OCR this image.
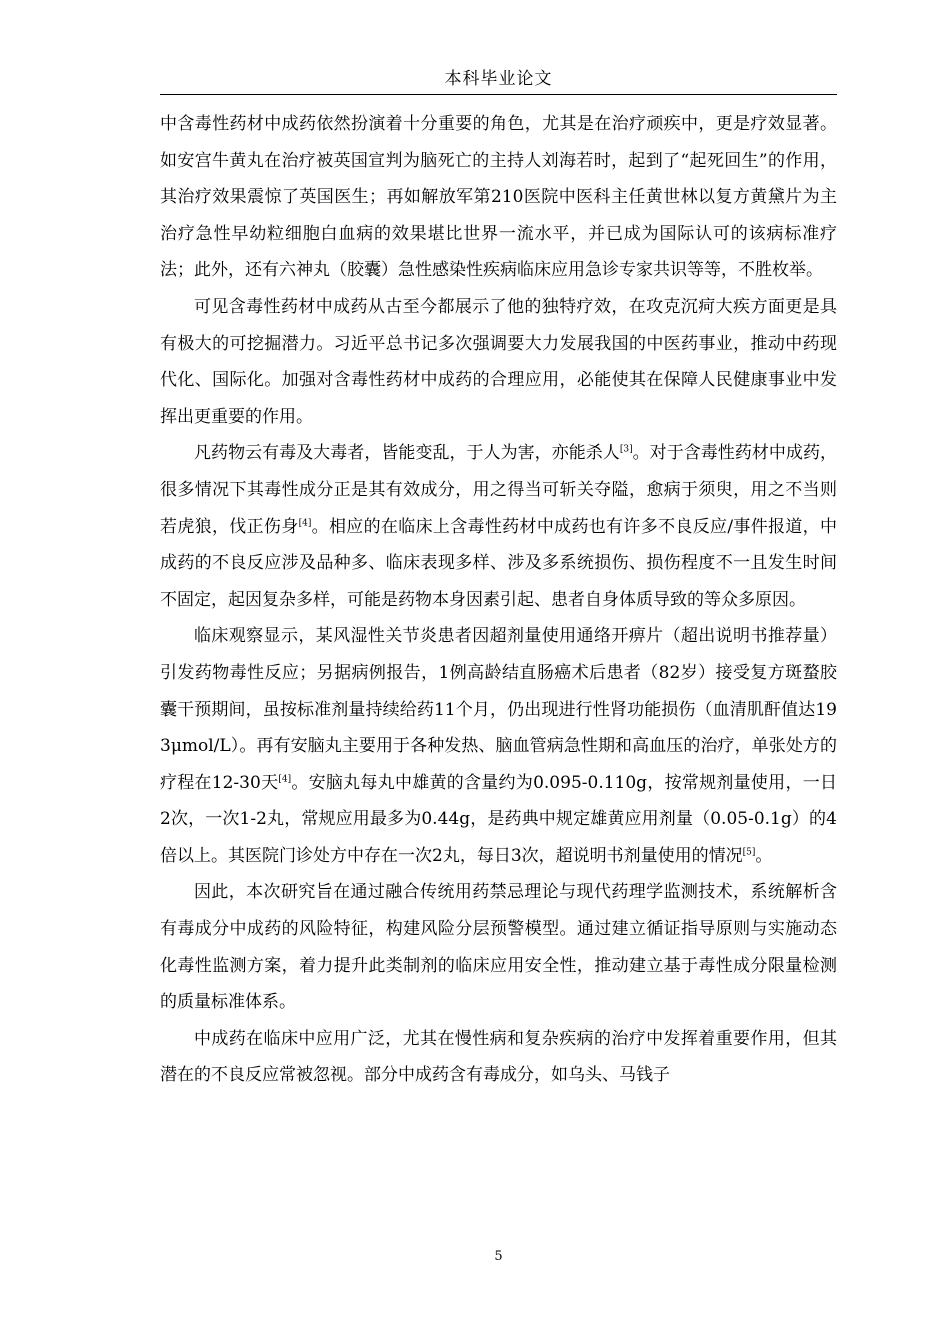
本科毕业论文

中含毒性药材中成药依然扮演着十分重要的角色，尤其是在治疗顽疾中，更是疗效显著。如安宫牛黄丸在治疗被英国宣判为脑死亡的主持人刘海若时，起到了“起死回生”的作用，其治疗效果震惊了英国医生；再如解放军第210医院中医科主任黄世林以复方黄黛片为主治疗急性早幼粒细胞白血病的效果堪比世界一流水平，并已成为国际认可的该病标准疗法；此外，还有六神丸（胶囊）急性感染性疾病临床应用急诊专家共识等等，不胜枚举。

可见含毒性药材中成药从古至今都展示了他的独特疗效，在攻克沉疴大疾方面更是具有极大的可挖掘潜力。习近平总书记多次强调要大力发展我国的中医药事业，推动中药现代化、国际化。加强对含毒性药材中成药的合理应用，必能使其在保障人民健康事业中发挥出更重要的作用。

凡药物云有毒及大毒者，皆能变乱，于人为害，亦能杀人[3]。对于含毒性药材中成药，很多情况下其毒性成分正是其有效成分，用之得当可斩关夺隘，愈病于须臾，用之不当则若虎狼，伐正伤身[4]。相应的在临床上含毒性药材中成药也有许多不良反应/事件报道，中成药的不良反应涉及品种多、临床表现多样、涉及多系统损伤、损伤程度不一且发生时间不固定，起因复杂多样，可能是药物本身因素引起、患者自身体质导致的等众多原因。

临床观察显示，某风湿性关节炎患者因超剂量使用通络开痹片（超出说明书推荐量）引发药物毒性反应；另据病例报告，1例高龄结直肠癌术后患者（82岁）接受复方斑蝥胶囊干预期间，虽按标准剂量持续给药11个月，仍出现进行性肾功能损伤（血清肌酐值达193μmol/L）。再有安脑丸主要用于各种发热、脑血管病急性期和高血压的治疗，单张处方的疗程在12-30天[4]。安脑丸每丸中雄黄的含量约为0.095-0.110g，按常规剂量使用，一日2次，一次1-2丸，常规应用最多为0.44g，是药典中规定雄黄应用剂量（0.05-0.1g）的4倍以上。其医院门诊处方中存在一次2丸，每日3次，超说明书剂量使用的情况[5]。

因此，本次研究旨在通过融合传统用药禁忌理论与现代药理学监测技术，系统解析含有毒成分中成药的风险特征，构建风险分层预警模型。通过建立循证指导原则与实施动态化毒性监测方案，着力提升此类制剂的临床应用安全性，推动建立基于毒性成分限量检测的质量标准体系。

中成药在临床中应用广泛，尤其在慢性病和复杂疾病的治疗中发挥着重要作用，但其潜在的不良反应常被忽视。部分中成药含有毒成分，如乌头、马钱子

5
